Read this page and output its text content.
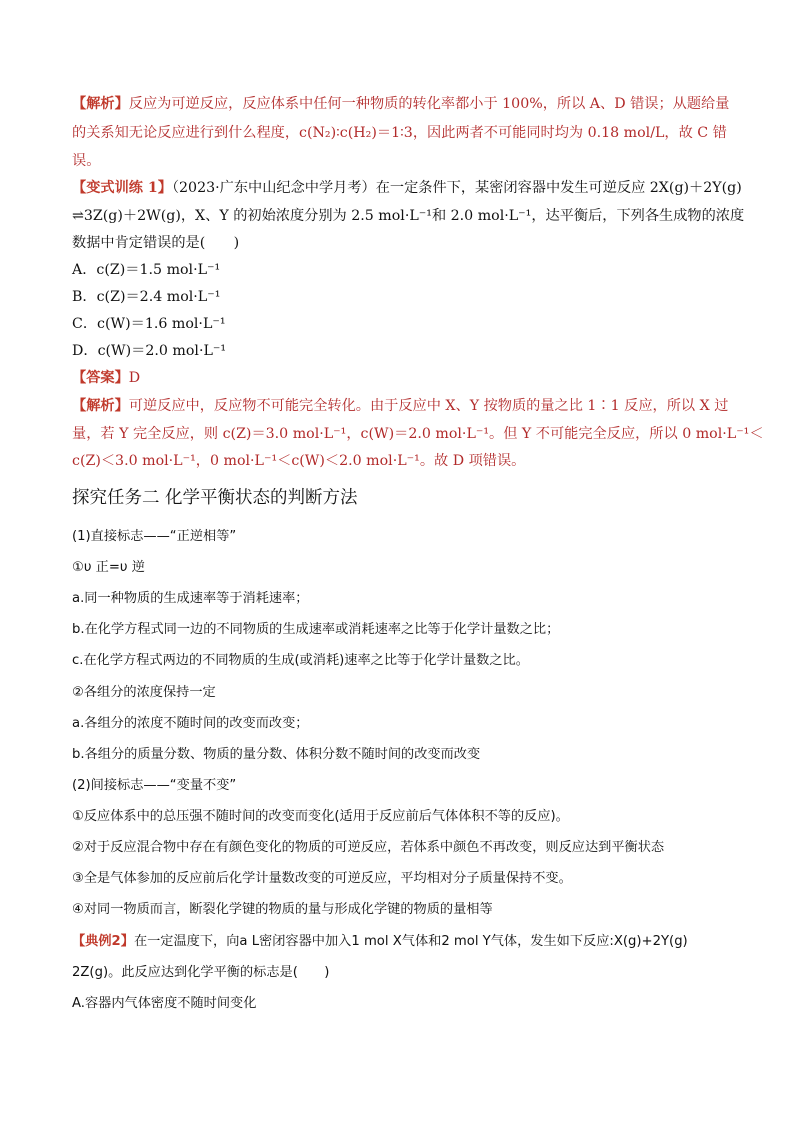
【解析】反应为可逆反应，反应体系中任何一种物质的转化率都小于 100%，所以 A、D 错误；从题给量
的关系知无论反应进行到什么程度，c(N₂)∶c(H₂)＝1∶3，因此两者不可能同时均为 0.18 mol/L，故 C 错
误。
【变式训练 1】（2023·广东中山纪念中学月考）在一定条件下，某密闭容器中发生可逆反应 2X(g)＋2Y(g)
⇌3Z(g)＋2W(g)，X、Y 的初始浓度分别为 2.5 mol·L⁻¹和 2.0 mol·L⁻¹，达平衡后，下列各生成物的浓度
数据中肯定错误的是(　　)
A．c(Z)＝1.5 mol·L⁻¹
B．c(Z)＝2.4 mol·L⁻¹
C．c(W)＝1.6 mol·L⁻¹
D．c(W)＝2.0 mol·L⁻¹
【答案】D
【解析】可逆反应中，反应物不可能完全转化。由于反应中 X、Y 按物质的量之比 1∶1 反应，所以 X 过
量，若 Y 完全反应，则 c(Z)＝3.0 mol·L⁻¹，c(W)＝2.0 mol·L⁻¹。但 Y 不可能完全反应，所以 0 mol·L⁻¹＜
c(Z)＜3.0 mol·L⁻¹，0 mol·L⁻¹＜c(W)＜2.0 mol·L⁻¹。故 D 项错误。
探究任务二 化学平衡状态的判断方法
(1)直接标志——“正逆相等”
①υ 正=υ 逆
a.同一种物质的生成速率等于消耗速率；
b.在化学方程式同一边的不同物质的生成速率或消耗速率之比等于化学计量数之比；
c.在化学方程式两边的不同物质的生成(或消耗)速率之比等于化学计量数之比。
②各组分的浓度保持一定
a.各组分的浓度不随时间的改变而改变；
b.各组分的质量分数、物质的量分数、体积分数不随时间的改变而改变
(2)间接标志——“变量不变”
①反应体系中的总压强不随时间的改变而变化(适用于反应前后气体体积不等的反应)。
②对于反应混合物中存在有颜色变化的物质的可逆反应，若体系中颜色不再改变，则反应达到平衡状态
③全是气体参加的反应前后化学计量数改变的可逆反应，平均相对分子质量保持不变。
④对同一物质而言，断裂化学键的物质的量与形成化学键的物质的量相等
【典例2】在一定温度下，向a L密闭容器中加入1 mol X气体和2 mol Y气体，发生如下反应:X(g)+2Y(g)
2Z(g)。此反应达到化学平衡的标志是(　　)
A.容器内气体密度不随时间变化
